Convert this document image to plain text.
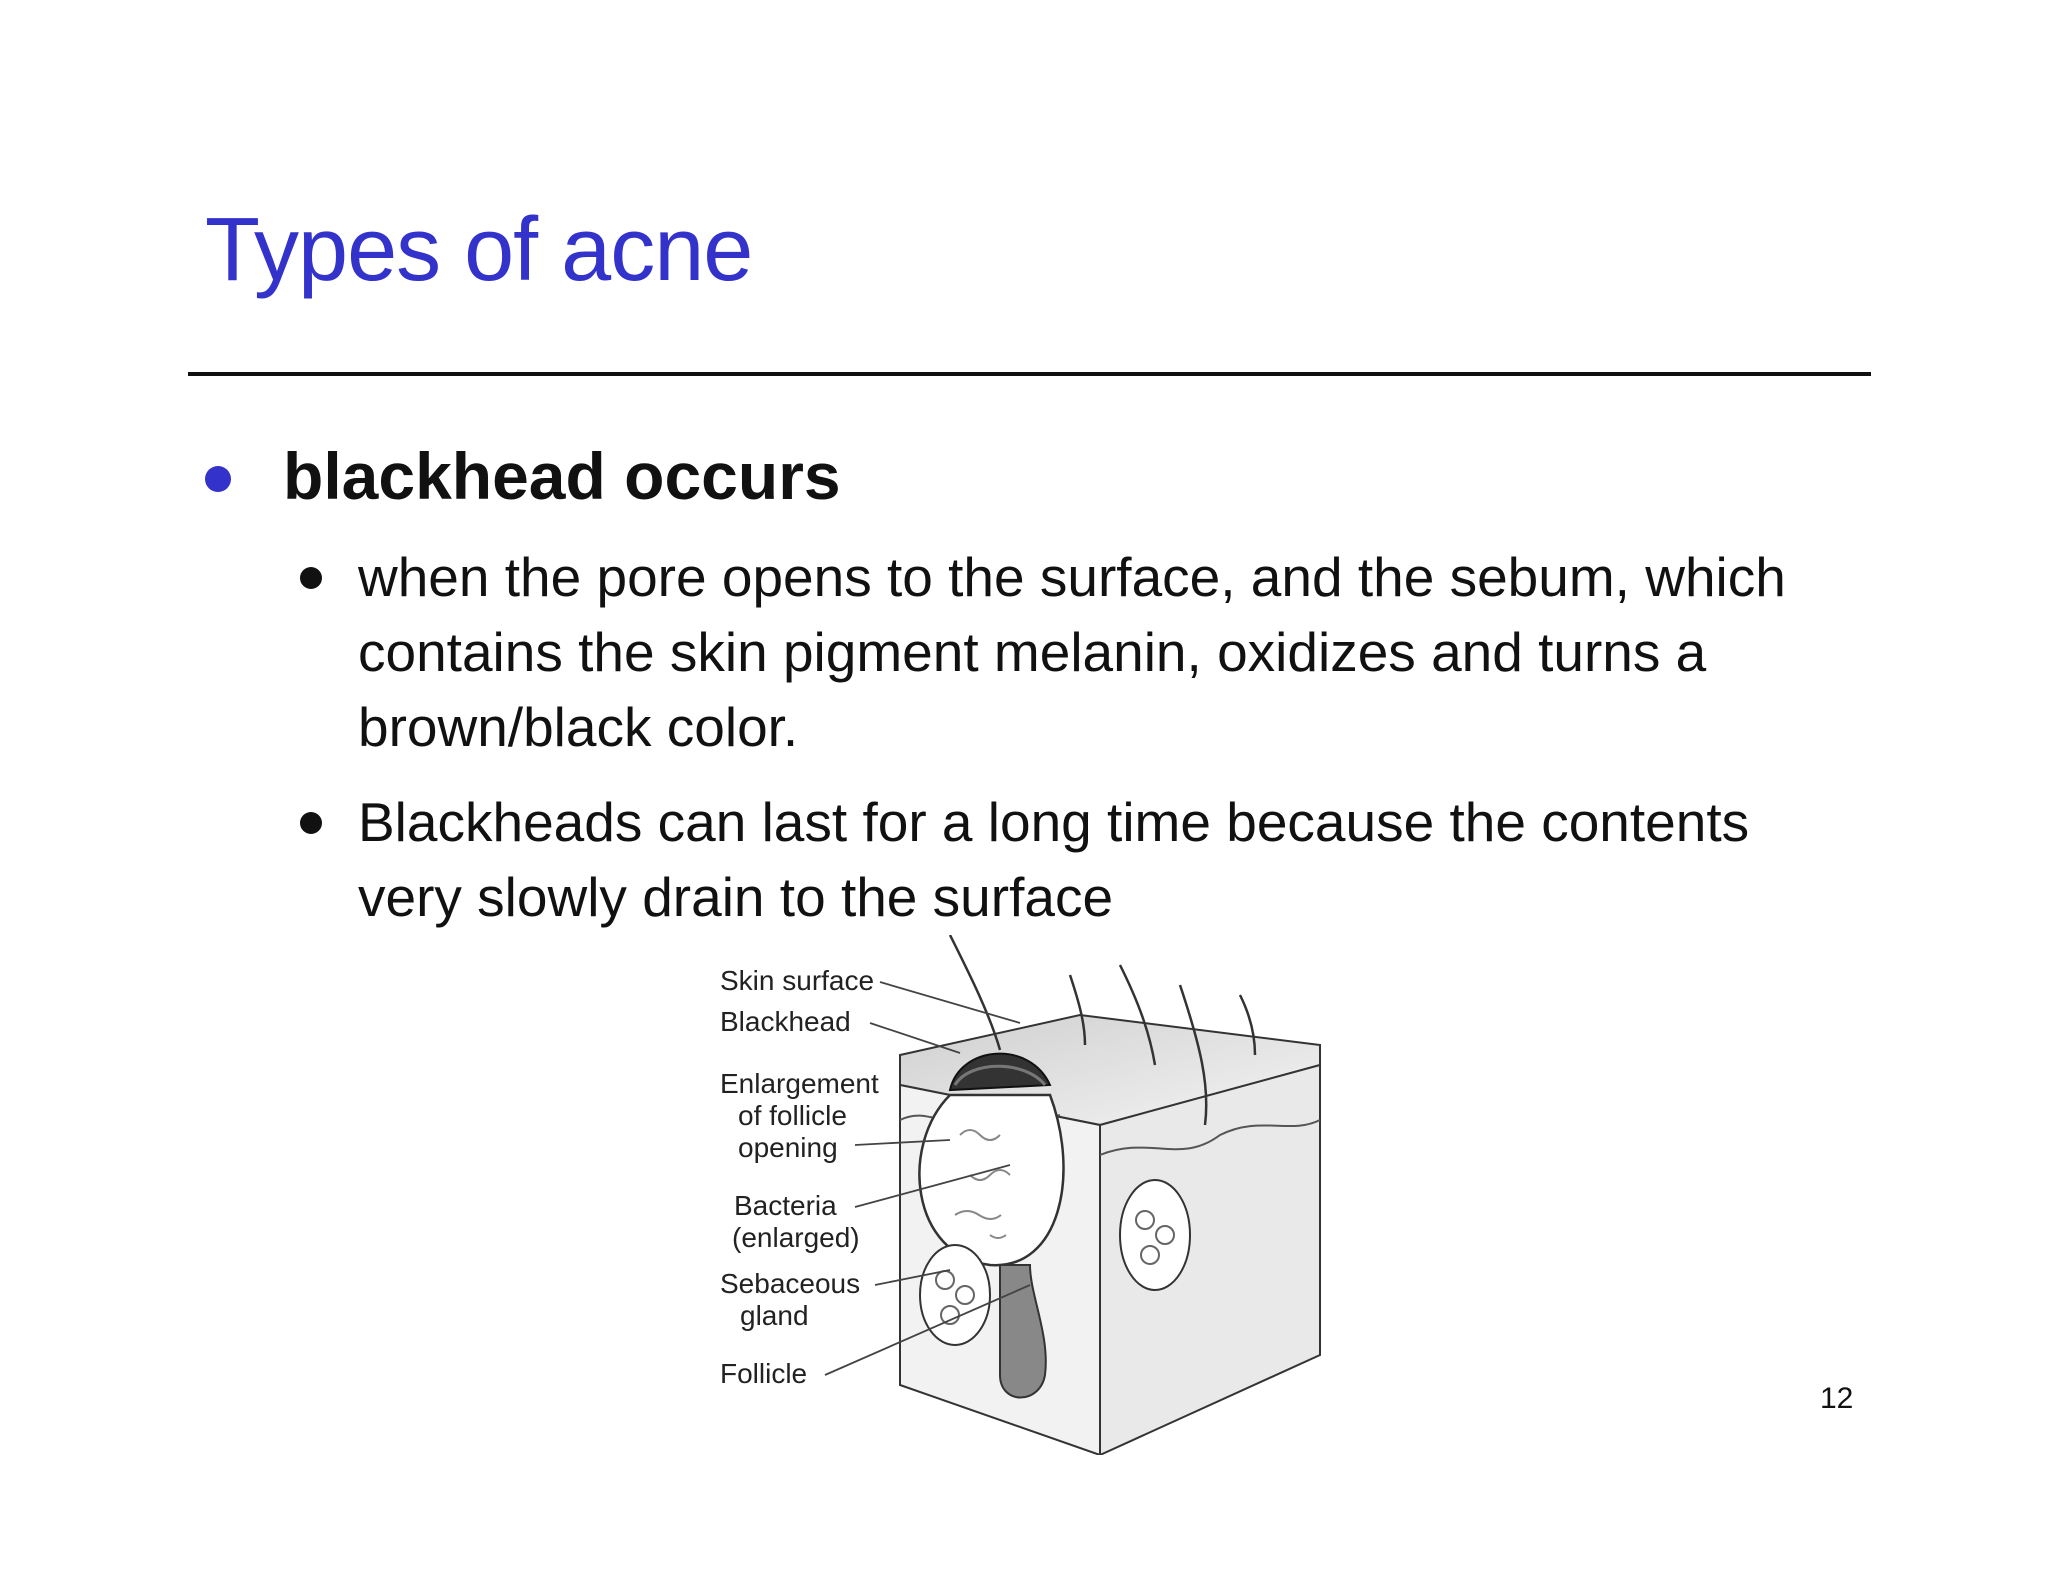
Types of acne
blackhead occurs
when the pore opens to the surface, and the sebum, which contains the skin pigment melanin, oxidizes and turns a brown/black color.
Blackheads can last for a long time because the contents very slowly drain to the surface
Skin surface
Blackhead
Enlargement
of follicle
opening
Bacteria
(enlarged)
Sebaceous
gland
Follicle
12
